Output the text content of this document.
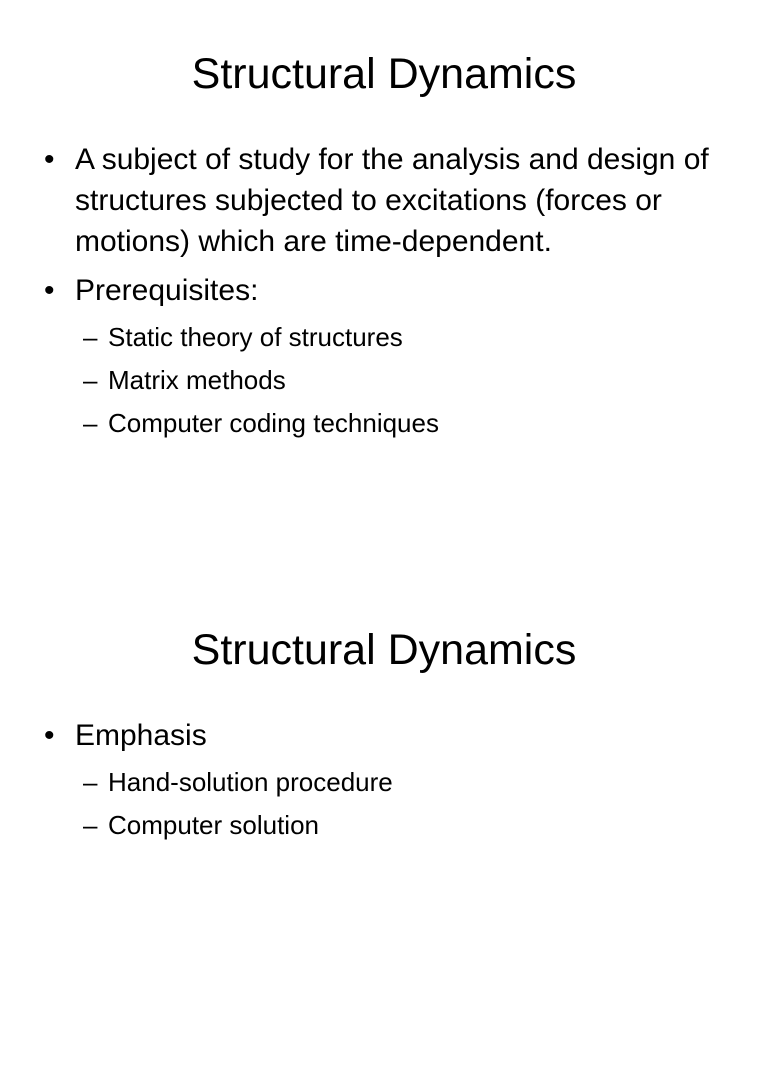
Structural Dynamics
• A subject of study for the analysis and design of structures subjected to excitations (forces or motions) which are time-dependent.
• Prerequisites:
– Static theory of structures
– Matrix methods
– Computer coding techniques
Structural Dynamics
• Emphasis
– Hand-solution procedure
– Computer solution
